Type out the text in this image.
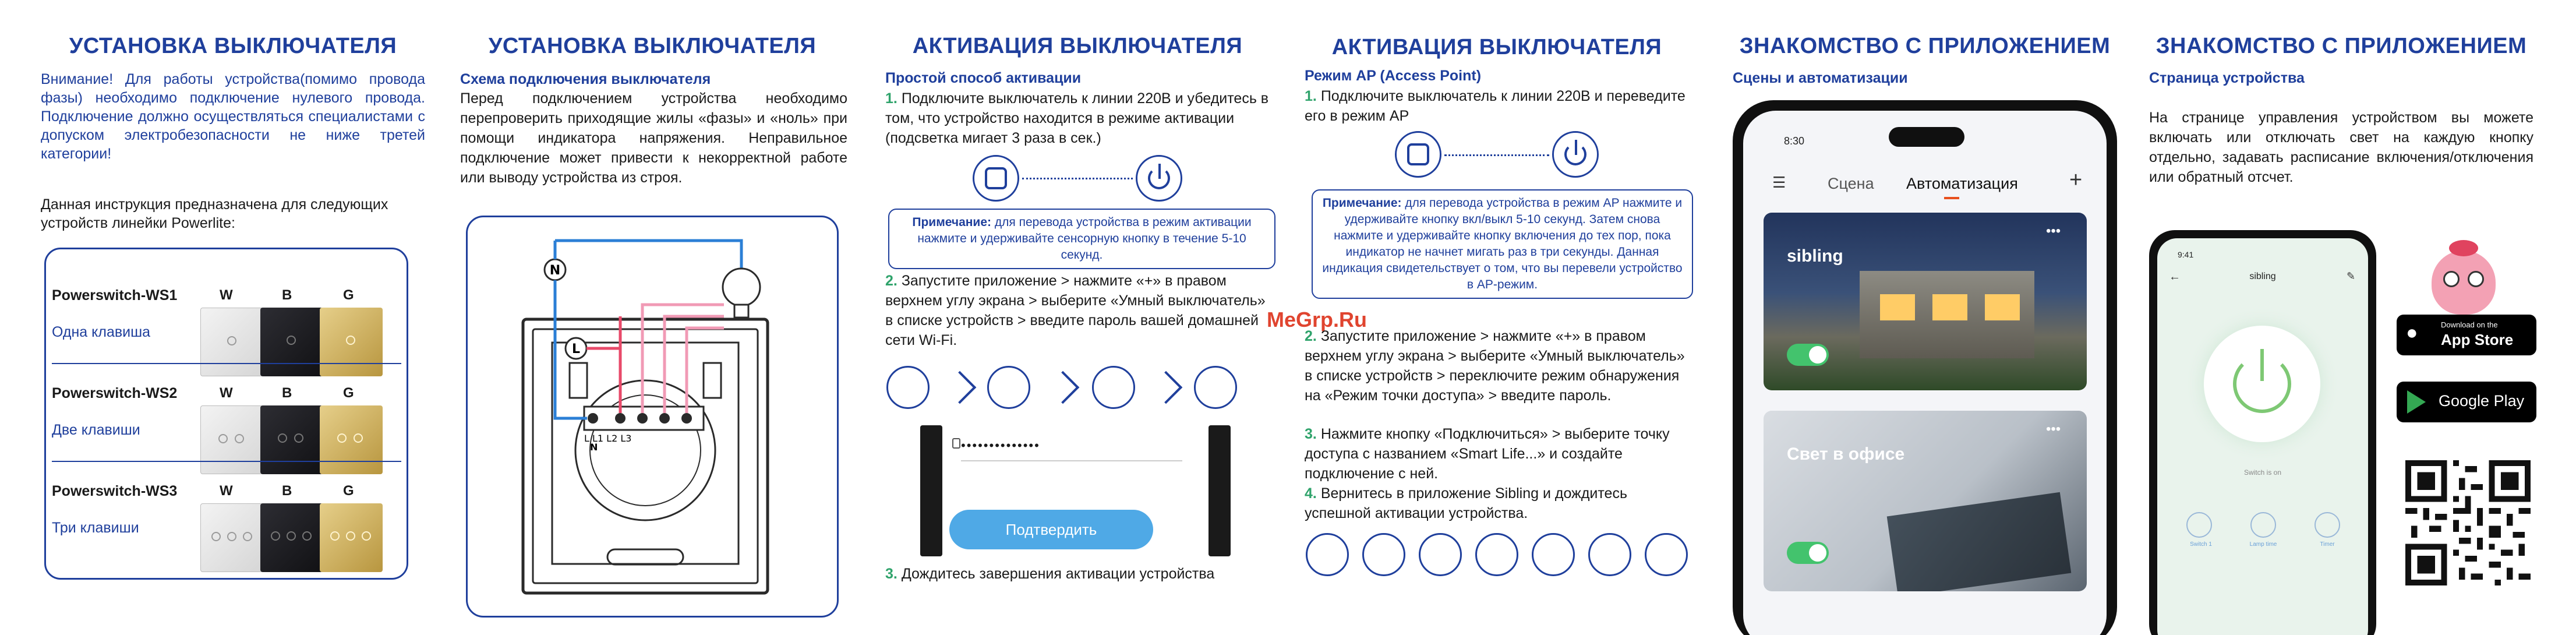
УСТАНОВКА ВЫКЛЮЧАТЕЛЯ
Внимание! Для работы устройства(помимо провода фазы) необходимо подключение нулевого провода. Подключение должно осуществляться специалистами с допуском электробезопасности не ниже третей категории!
Данная инструкция предназначена для следующих устройств линейки Powerlite:
Powerswitch-WS1
Одна клавиша
W	B	G
Powerswitch-WS2
Две клавиши
W	B	G
Powerswitch-WS3
Три клавиши
W	B	G
УСТАНОВКА ВЫКЛЮЧАТЕЛЯ
Схема подключения выключателя
Перед подключением устройства необходимо перепроверить приходящие жилы «фазы» и «ноль» при помощи индикатора напряжения. Неправильное подключение может привести к некорректной работе или выводу устройства из строя.
N
L
L L1 L2 L3
N
АКТИВАЦИЯ ВЫКЛЮЧАТЕЛЯ
Простой способ активации
1. Подключите выключатель к линии 220В и убедитесь в том, что устройство находится в режиме активации (подсветка мигает 3 раза в сек.)
Примечание: для перевода устройства в режим активации нажмите и удерживайте сенсорную кнопку в течение 5-10 секунд.
2. Запустите приложение > нажмите «+» в правом верхнем углу экрана > выберите «Умный выключатель» в списке устройств > введите пароль вашей домашней сети Wi-Fi.
••••••••••••••
Подтвердить
3. Дождитесь завершения активации устройства
MeGrp.Ru
АКТИВАЦИЯ ВЫКЛЮЧАТЕЛЯ
Режим AP (Access Point)
1. Подключите выключатель к линии 220В и переведите его в режим AP
Примечание: для перевода устройства в режим AP нажмите и удерживайте кнопку вкл/выкл 5-10 секунд. Затем снова нажмите и удерживайте кнопку включения до тех пор, пока индикатор не начнет мигать раз в три секунды. Данная индикация свидетельствует о том, что вы перевели устройство в AP-режим.
2. Запустите приложение > нажмите «+» в правом верхнем углу экрана > выберите «Умный выключатель» в списке устройств > переключите режим обнаружения на «Режим точки доступа» > введите пароль.
3. Нажмите кнопку «Подключиться» > выберите точку доступа с названием «Smart Life...» и создайте подключение с ней.
4. Вернитесь в приложение Sibling и дождитесь успешной активации устройства.
ЗНАКОМСТВО С ПРИЛОЖЕНИЕМ
Сцены и автоматизации
8:30
☰	Сцена Автоматизация +
sibling
•••
Свет в офисе
•••
ЗНАКОМСТВО С ПРИЛОЖЕНИЕМ
Страница устройства
На странице управления устройством вы можете включать или отключать свет на каждую кнопку отдельно, задавать расписание включения/отключения или обратный отсчет.
9:41
←	sibling	✎
Switch is on
Switch 1	Lamp time	Timer
●	Download on the
App Store
Google Play
